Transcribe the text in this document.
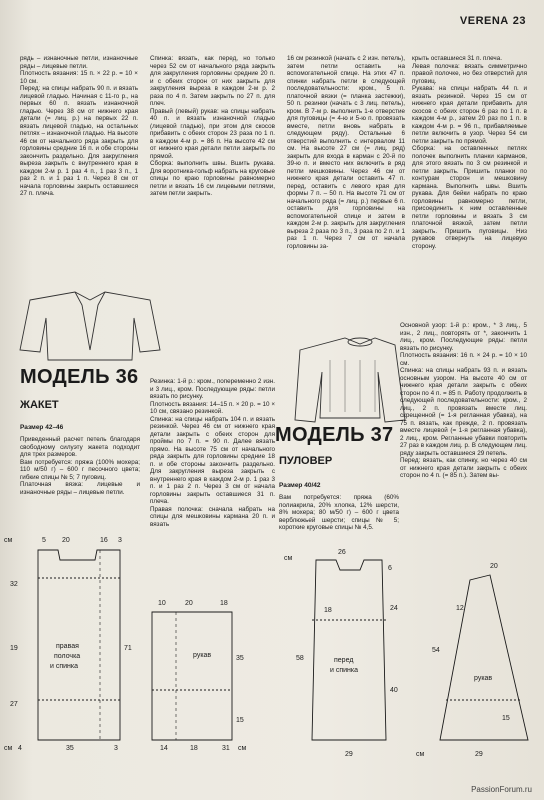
VERENA 23
рядь – изнаночные петли, изнаночные ряды – лицевые петли.
Плотность вязания: 15 п. × 22 р. = 10 × 10 см.
Перед: на спицы набрать 90 п. и вязать лицевой гладью. Начиная с 11-го р., на первых 60 п. вязать изнаночной гладью. Через 38 см от нижнего края детали (= лиц. р.) на первых 22 п. вязать лицевой гладью, на остальных петлях – изнаночной гладью. На высоте 46 см от начального ряда закрыть для горловины средние 16 п. и обе стороны закончить раздельно. Для закругления выреза закрыть с внутреннего края в каждом 2-м р. 1 раз 4 п., 1 раз 3 п., 1 раз 2 п. и 1 раз 1 п. Через 8 см от начала горловины закрыть оставшиеся 27 п. плеча.
Спинка: вязать, как перед, но только через 52 см от начального ряда закрыть для закругления горловины средние 20 п. и с обеих сторон от них закрыть для закругления выреза в каждом 2-м р. 2 раза по 4 п. Затем закрыть по 27 п. для плеч.
Правый (левый) рукав: на спицы набрать 40 п. и вязать изнаночной гладью (лицевой гладью), при этом для скосов прибавить с обеих сторон 23 раза по 1 п. в каждом 4-м р. = 86 п. На высоте 42 см от нижнего края детали петли закрыть по прямой.
Сборка: выполнить швы. Вшить рукава. Для воротника-гольф набрать на круговые спицы по краю горловины равномерно петли и вязать 16 см лицевыми петлями, затем петли закрыть.
16 см резинкой (начать с 2 изн. петель), затем петли оставить на вспомогательной спице. На этих 47 п. спинки набрать петли в следующей последовательности: кром., 5 п. платочной вязки (= планка застежки), 50 п. резинки (начать с 3 лиц. петель), кром. В 7-м р. выполнить 1-е отверстие для пуговицы (= 4-ю и 5-ю п. провязать вместе, петли вновь набрать в следующем ряду). Остальные 6 отверстий выполнить с интервалом 11 см. На высоте 27 см (= лиц. ряд) закрыть для входа в карман с 20-й по 39-ю п. и вместо них включить в ряд петли мешковины. Через 46 см от нижнего края детали оставить 47 п. перед, оставить с левого края для формы 7 п. – 50 п. На высоте 71 см от начального ряда (= лиц. р.) первые 6 п. оставить для горловины на вспомогательной спице и затем в каждом 2-м р. закрыть для закругления выреза 2 раза по 3 п., 3 раза по 2 п. и 1 раз 1 п. Через 7 см от начала горловины за-
крыть оставшиеся 31 п. плеча.
Левая полочка: вязать симметрично правой полочке, но без отверстий для пуговиц.
Рукава: на спицы набрать 44 п. и вязать резинкой. Через 15 см от нижнего края детали прибавить для скосов с обеих сторон 6 раз по 1 п. в каждом 4-м р., затем 20 раз по 1 п. в каждом 4-м р. = 96 п., прибавляемые петли включить в узор. Через 54 см петли закрыть по прямой.
Сборка: на оставленных петлях полочек выполнить планки карманов, для этого вязать по 3 см резинкой и петли закрыть. Пришить планки по контурам сторон и мешковину кармана. Выполнить швы. Вшить рукава. Для бейки набрать по краю горловины равномерно петли, присоединить к ним оставленные петли горловины и вязать 3 см платочной вязкой, затем петли закрыть. Пришить пуговицы. Низ рукавов отвернуть на лицевую сторону.
МОДЕЛЬ 36
ЖАКЕТ
Размер 42–46
Приведенный расчет петель благодаря свободному силуэту жакета подходит для трех размеров.
Вам потребуется: пряжа (100% мохера; 110 м/50 г) – 600 г песочного цвета; гибкие спицы № 5; 7 пуговиц.
Платочная вязка: лицевые и изнаночные ряды – лицевые петли.
Резинка: 1-й р.: кром., попеременно 2 изн. и 3 лиц., кром. Последующие ряды: петли вязать по рисунку.
Плотность вязания: 14–15 п. × 20 р. = 10 × 10 см, связано резинкой.
Спинка: на спицы набрать 104 п. и вязать резинкой. Через 46 см от нижнего края детали закрыть с обеих сторон для проймы по 7 п. = 90 п. Далее вязать прямо. На высоте 75 см от начального ряда закрыть для горловины средние 18 п. и обе стороны закончить раздельно. Для закругления выреза закрыть с внутреннего края в каждом 2-м р. 1 раз 3 п. и 1 раз 2 п. Через 3 см от начала горловины закрыть оставшиеся 31 п. плеча.
Правая полочка: сначала набрать на спицы для мешковины кармана 20 п. и вязать
МОДЕЛЬ 37
ПУЛОВЕР
Размер 40/42
Вам потребуется: пряжа (60% полиакрила, 20% хлопка, 12% шерсти, 8% мохера; 80 м/50 г) – 600 г цвета верблюжьей шерсти; спицы № 5; короткие круговые спицы № 4,5.
Основной узор: 1-й р.: кром., * 3 лиц., 5 изн., 2 лиц., повторять от *, закончить 1 лиц., кром. Последующие ряды: петли вязать по рисунку.
Плотность вязания: 16 п. × 24 р. = 10 × 10 см.
Спинка: на спицы набрать 93 п. и вязать основным узором. На высоте 40 см от нижнего края детали закрыть с обеих сторон по 4 п. = 85 п. Работу продолжить в следующей последовательности: кром., 2 лиц., 2 п. провязать вместе лиц. скрещенной (= 1-я регланная убавка), на 75 п. вязать, как прежде, 2 п. провязать вместе лицевой (= 1-я регланная убавка), 2 лиц., кром. Регланные убавки повторить 27 раз в каждом лиц. р. В следующем лиц. ряду закрыть оставшиеся 29 петель.
Перед: вязать, как спинку, но через 40 см от нижнего края детали закрыть с обеих сторон по 4 п. (= 85 п.). Затем вы-
см	5 20	16 3
32
19
27
71
см 4	35	3
правая
полочка
и спинка
10	20	18
35
15
14	18	31 см
рукав
см
26
58
24
40
6
18
29
перед
и спинка
20
54
12
15
29
см
рукав
PassionForum.ru
